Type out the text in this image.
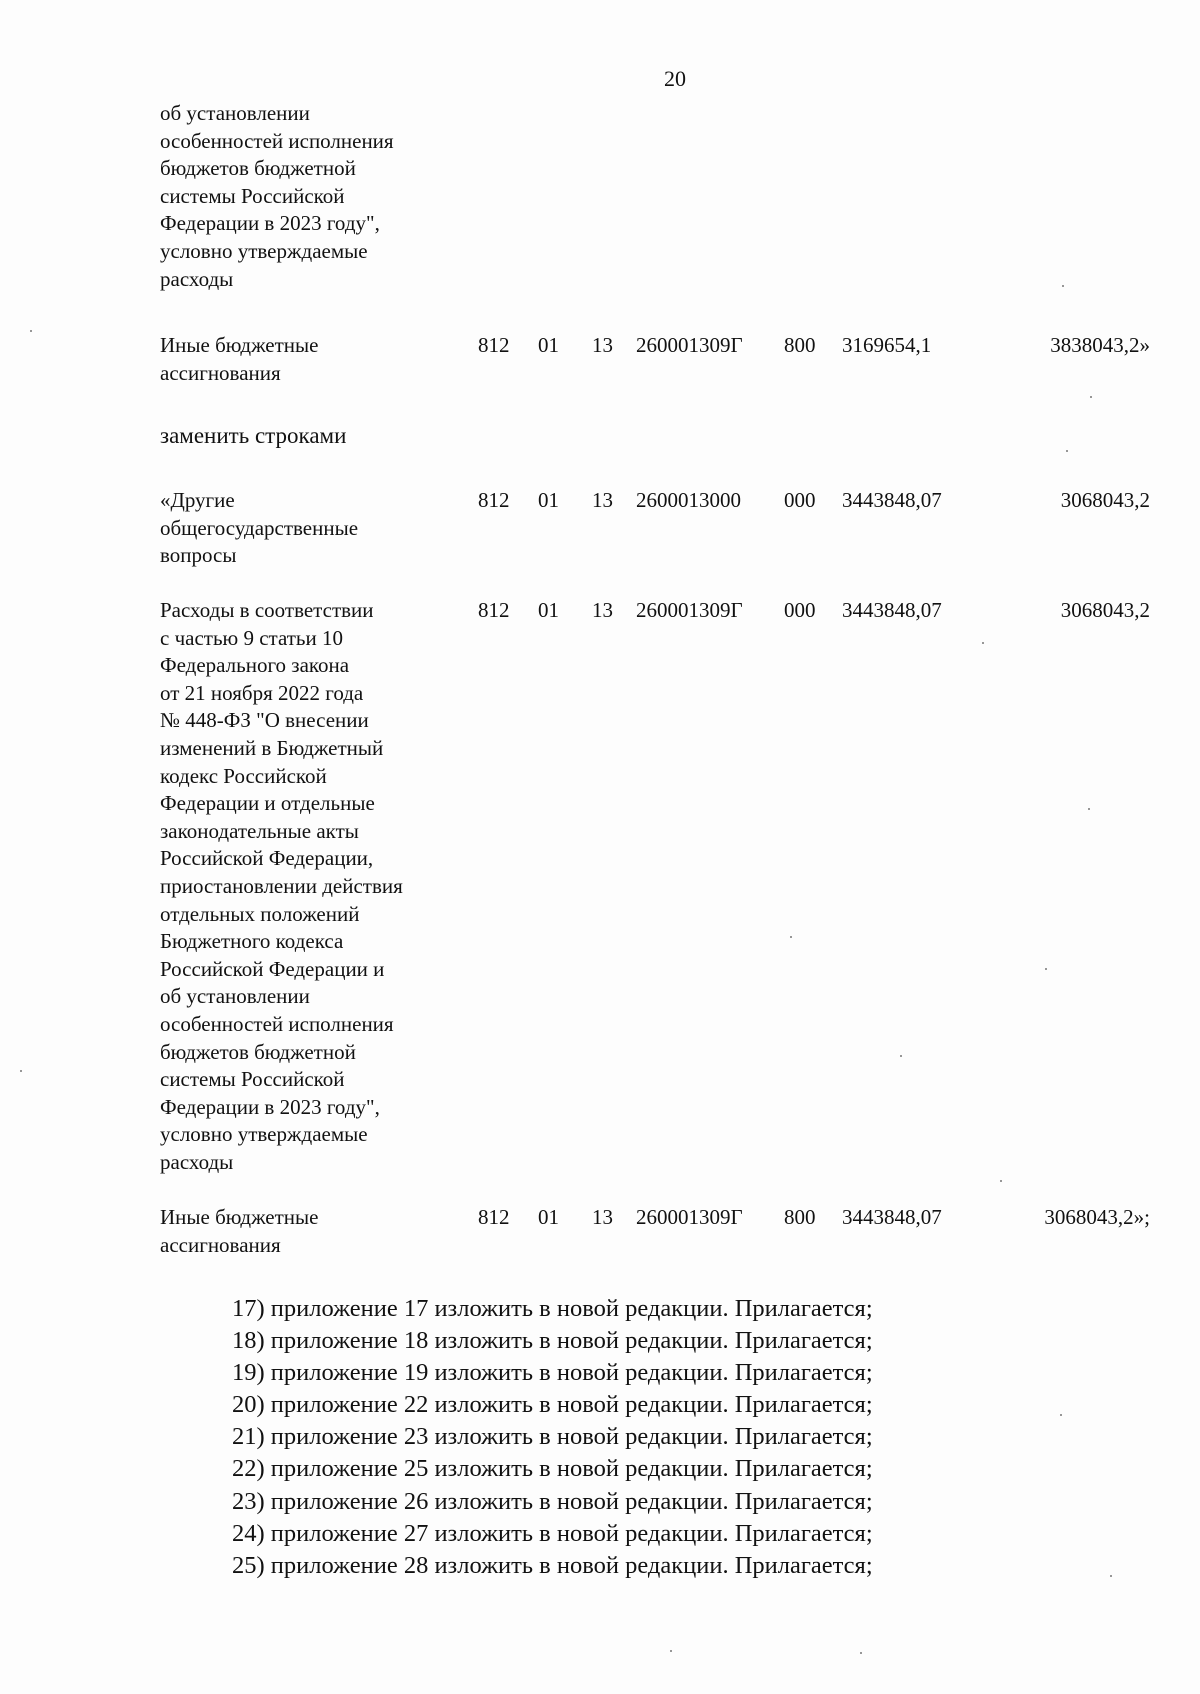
20
об установлении
особенностей исполнения
бюджетов бюджетной
системы Российской
Федерации в 2023 году",
условно утверждаемые
расходы
Иные бюджетные
ассигнования
812 01 13 260001309Г 800 3169654,1	3838043,2»
заменить строками
«Другие
общегосударственные
вопросы
812 01 13 2600013000 000 3443848,07	3068043,2
Расходы в соответствии
с частью 9 статьи 10
Федерального закона
от 21 ноября 2022 года
№ 448-ФЗ "О внесении
изменений в Бюджетный
кодекс Российской
Федерации и отдельные
законодательные акты
Российской Федерации,
приостановлении действия
отдельных положений
Бюджетного кодекса
Российской Федерации и
об установлении
особенностей исполнения
бюджетов бюджетной
системы Российской
Федерации в 2023 году",
условно утверждаемые
расходы
812 01 13 260001309Г 000 3443848,07	3068043,2
Иные бюджетные
ассигнования
812 01 13 260001309Г 800 3443848,07	3068043,2»;
17) приложение 17 изложить в новой редакции. Прилагается;
18) приложение 18 изложить в новой редакции. Прилагается;
19) приложение 19 изложить в новой редакции. Прилагается;
20) приложение 22 изложить в новой редакции. Прилагается;
21) приложение 23 изложить в новой редакции. Прилагается;
22) приложение 25 изложить в новой редакции. Прилагается;
23) приложение 26 изложить в новой редакции. Прилагается;
24) приложение 27 изложить в новой редакции. Прилагается;
25) приложение 28 изложить в новой редакции. Прилагается;
